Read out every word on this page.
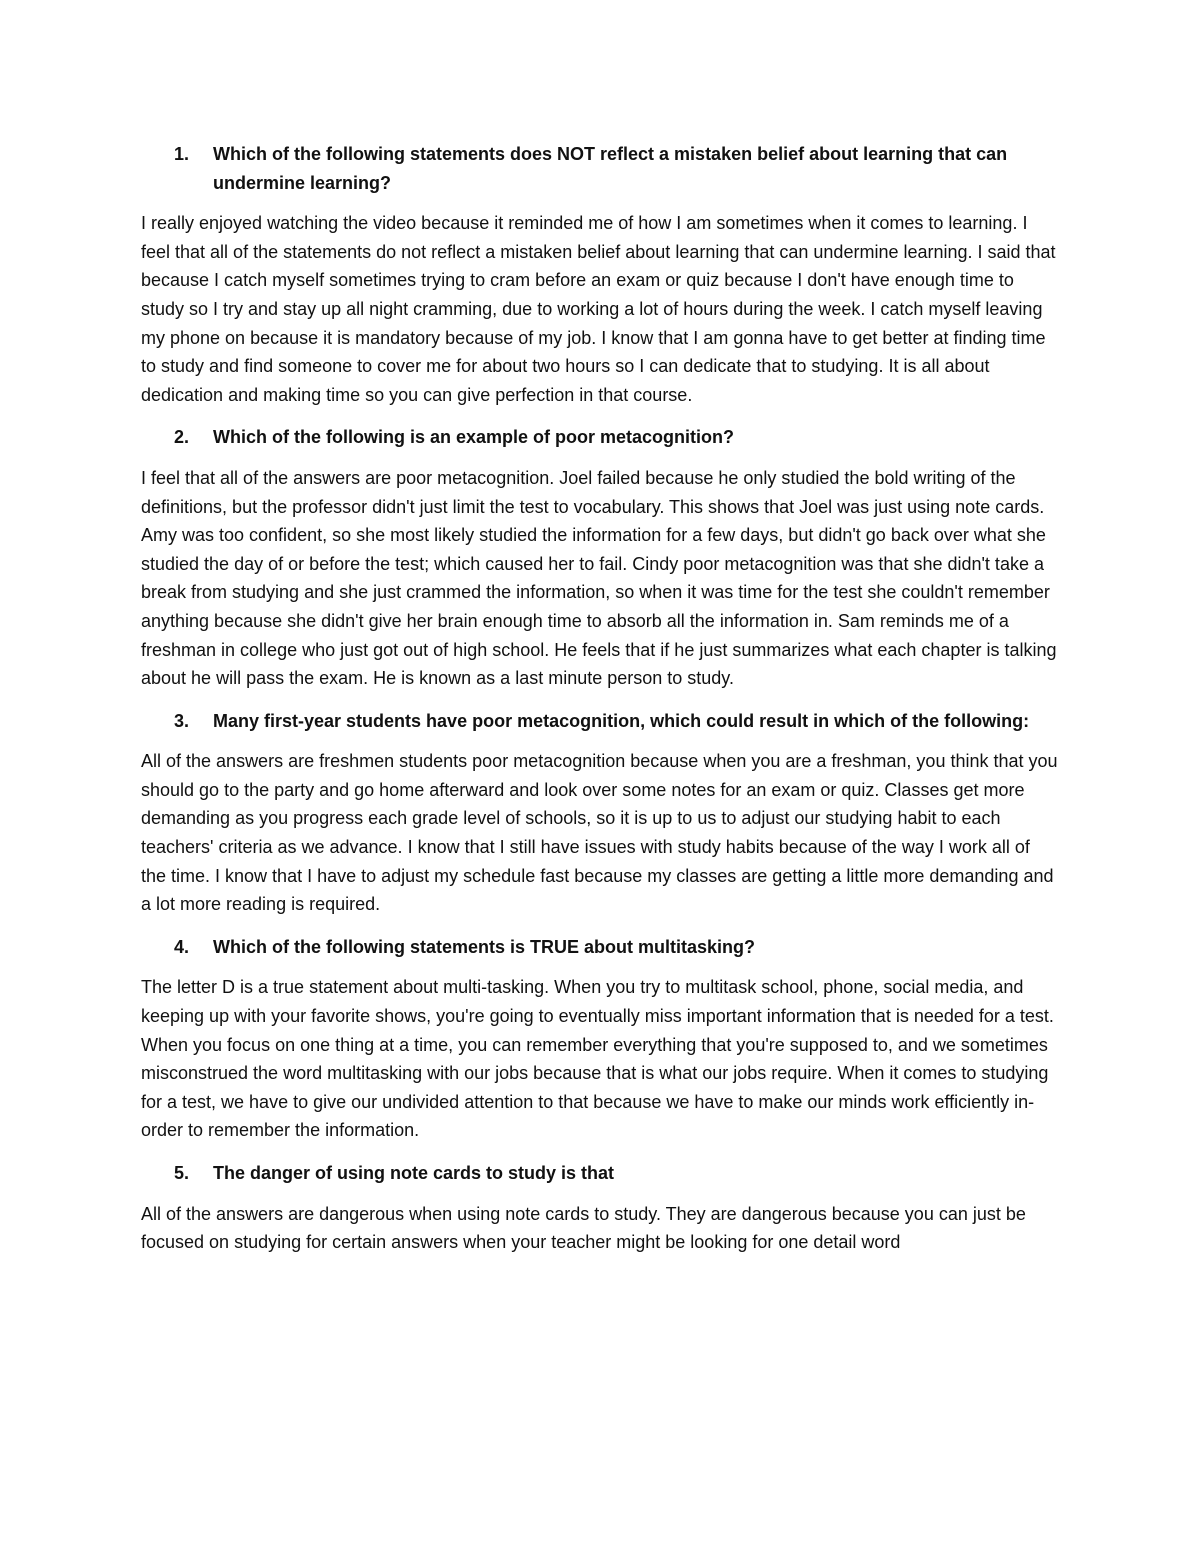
1. Which of the following statements does NOT reflect a mistaken belief about learning that can undermine learning?

I really enjoyed watching the video because it reminded me of how I am sometimes when it comes to learning. I feel that all of the statements do not reflect a mistaken belief about learning that can undermine learning. I said that because I catch myself sometimes trying to cram before an exam or quiz because I don't have enough time to study so I try and stay up all night cramming, due to working a lot of hours during the week. I catch myself leaving my phone on because it is mandatory because of my job. I know that I am gonna have to get better at finding time to study and find someone to cover me for about two hours so I can dedicate that to studying. It is all about dedication and making time so you can give perfection in that course.

2. Which of the following is an example of poor metacognition?

I feel that all of the answers are poor metacognition. Joel failed because he only studied the bold writing of the definitions, but the professor didn't just limit the test to vocabulary. This shows that Joel was just using note cards. Amy was too confident, so she most likely studied the information for a few days, but didn't go back over what she studied the day of or before the test; which caused her to fail. Cindy poor metacognition was that she didn't take a break from studying and she just crammed the information, so when it was time for the test she couldn't remember anything because she didn't give her brain enough time to absorb all the information in. Sam reminds me of a freshman in college who just got out of high school. He feels that if he just summarizes what each chapter is talking about he will pass the exam. He is known as a last minute person to study.

3. Many first-year students have poor metacognition, which could result in which of the following:

All of the answers are freshmen students poor metacognition because when you are a freshman, you think that you should go to the party and go home afterward and look over some notes for an exam or quiz. Classes get more demanding as you progress each grade level of schools, so it is up to us to adjust our studying habit to each teachers' criteria as we advance. I know that I still have issues with study habits because of the way I work all of the time. I know that I have to adjust my schedule fast because my classes are getting a little more demanding and a lot more reading is required.

4. Which of the following statements is TRUE about multitasking?

The letter D is a true statement about multi-tasking. When you try to multitask school, phone, social media, and keeping up with your favorite shows, you're going to eventually miss important information that is needed for a test. When you focus on one thing at a time, you can remember everything that you're supposed to, and we sometimes misconstrued the word multitasking with our jobs because that is what our jobs require. When it comes to studying for a test, we have to give our undivided attention to that because we have to make our minds work efficiently in- order to remember the information.

5. The danger of using note cards to study is that

All of the answers are dangerous when using note cards to study. They are dangerous because you can just be focused on studying for certain answers when your teacher might be looking for one detail word
